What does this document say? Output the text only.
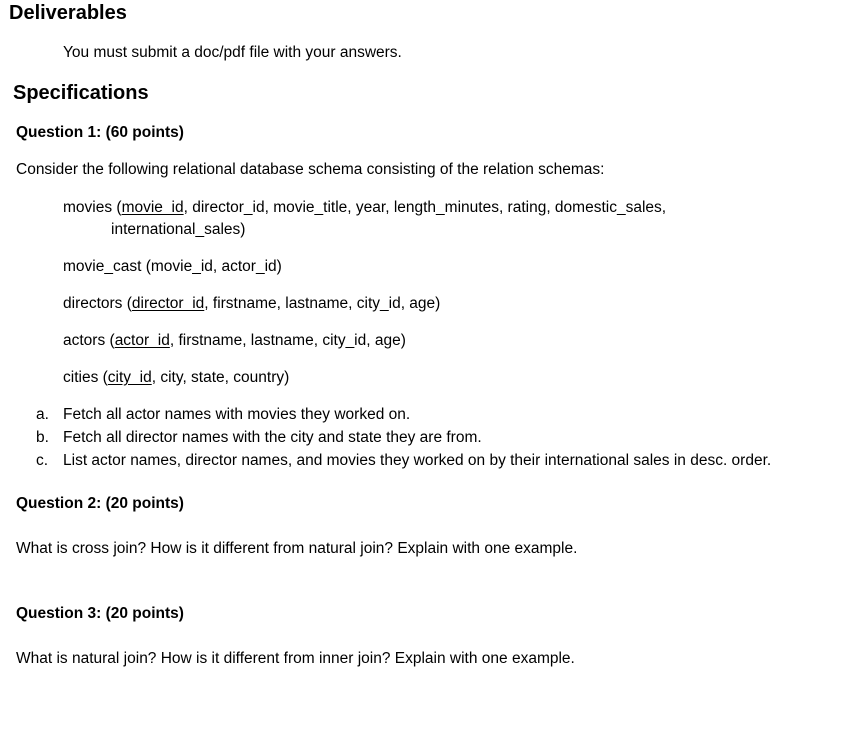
Deliverables
You must submit a doc/pdf file with your answers.
Specifications
Question 1: (60 points)
Consider the following relational database schema consisting of the relation schemas:
movies (movie_id, director_id, movie_title, year, length_minutes, rating, domestic_sales,
international_sales)
movie_cast (movie_id, actor_id)
directors (director_id, firstname, lastname, city_id, age)
actors (actor_id, firstname, lastname, city_id, age)
cities (city_id, city, state, country)
a. Fetch all actor names with movies they worked on.
b. Fetch all director names with the city and state they are from.
c. List actor names, director names, and movies they worked on by their international sales in desc. order.
Question 2: (20 points)
What is cross join? How is it different from natural join? Explain with one example.
Question 3: (20 points)
What is natural join? How is it different from inner join? Explain with one example.
